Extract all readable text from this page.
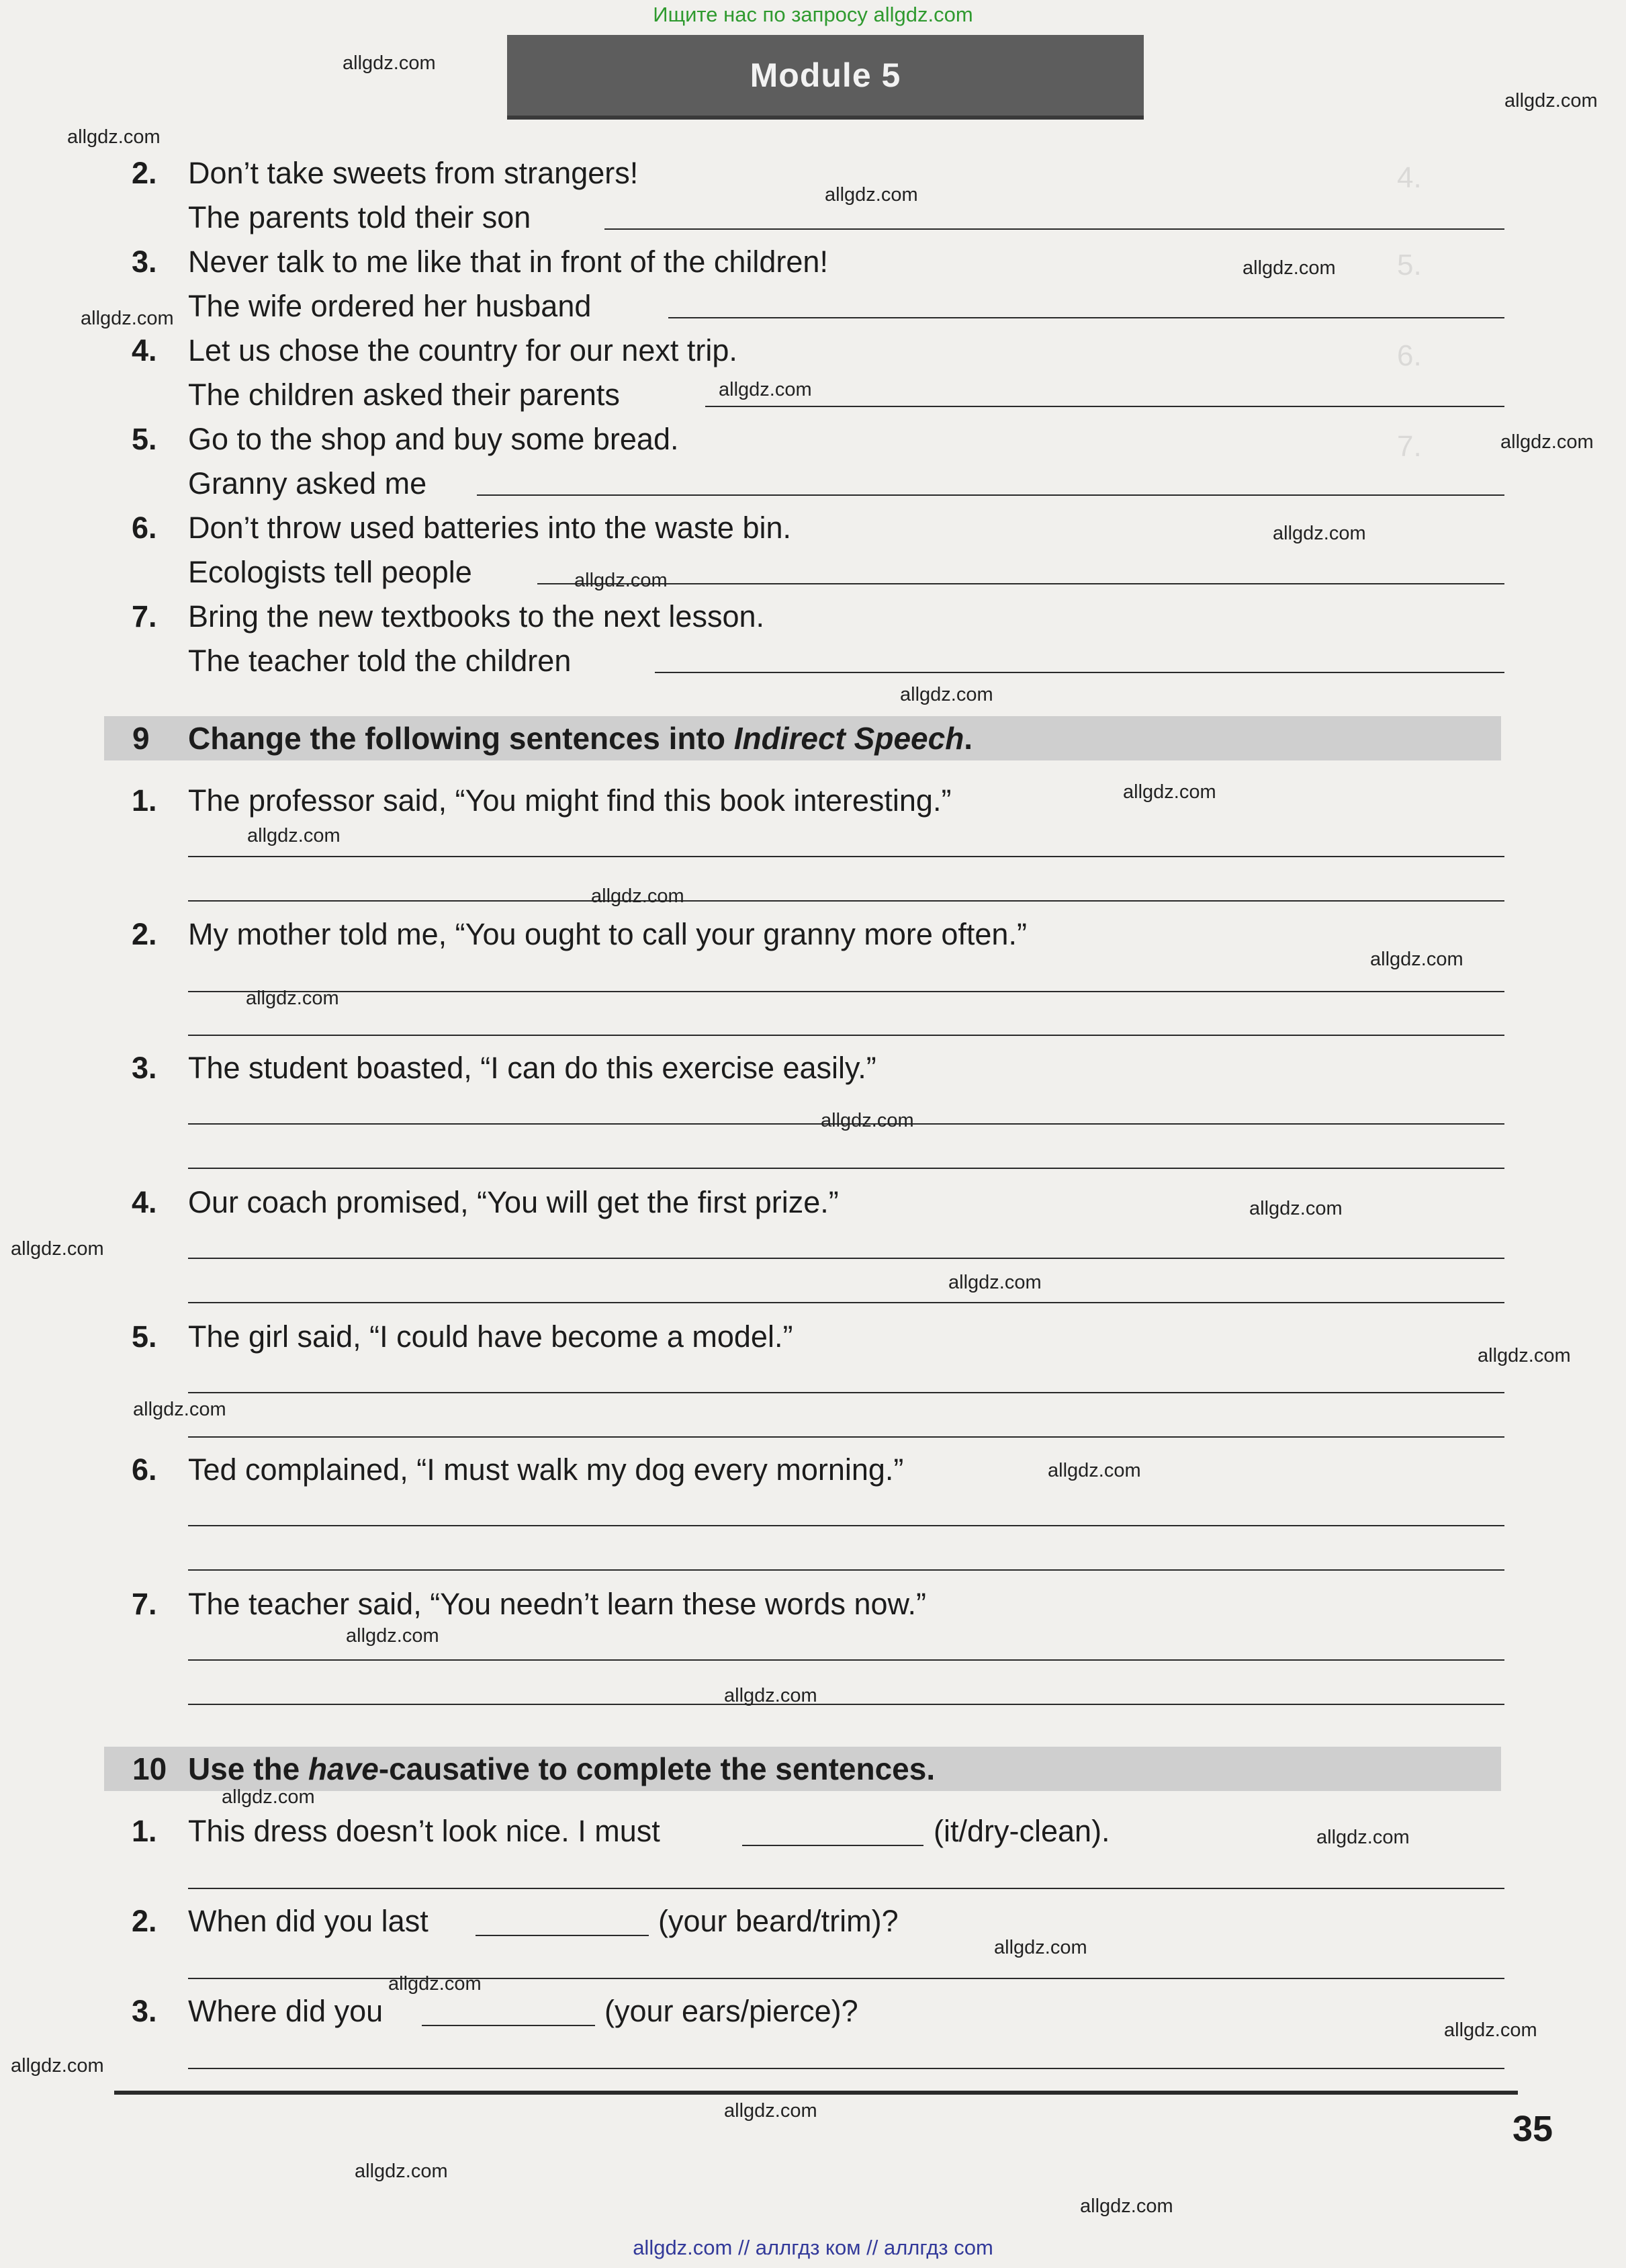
4.
5.
6.
7.
Ищите нас по запросу allgdz.com
Module 5
2.	Don’t take sweets from strangers!
The parents told their son
3.	Never talk to me like that in front of the children!
The wife ordered her husband
4.	Let us chose the country for our next trip.
The children asked their parents
5.	Go to the shop and buy some bread.
Granny asked me
6.	Don’t throw used batteries into the waste bin.
Ecologists tell people
7.	Bring the new textbooks to the next lesson.
The teacher told the children
9 Change the following sentences into Indirect Speech.
1.	The professor said, “You might find this book interesting.”
2.	My mother told me, “You ought to call your granny more often.”
3.	The student boasted, “I can do this exercise easily.”
4.	Our coach promised, “You will get the first prize.”
5.	The girl said, “I could have become a model.”
6.	Ted complained, “I must walk my dog every morning.”
7.	The teacher said, “You needn’t learn these words now.”
10 Use the have-causative to complete the sentences.
1.	This dress doesn’t look nice. I must	(it/dry-clean).
2.	When did you last	(your beard/trim)?
3.	Where did you	(your ears/pierce)?
35
allgdz.com
allgdz.com
allgdz.com
allgdz.com
allgdz.com
allgdz.com
allgdz.com
allgdz.com
allgdz.com
allgdz.com
allgdz.com
allgdz.com
allgdz.com
allgdz.com
allgdz.com
allgdz.com
allgdz.com
allgdz.com
allgdz.com
allgdz.com
allgdz.com
allgdz.com
allgdz.com
allgdz.com
allgdz.com
allgdz.com
allgdz.com
allgdz.com
allgdz.com
allgdz.com
allgdz.com
allgdz.com
allgdz.com
allgdz.com
allgdz.com // аллгдз ком // аллгдз com
